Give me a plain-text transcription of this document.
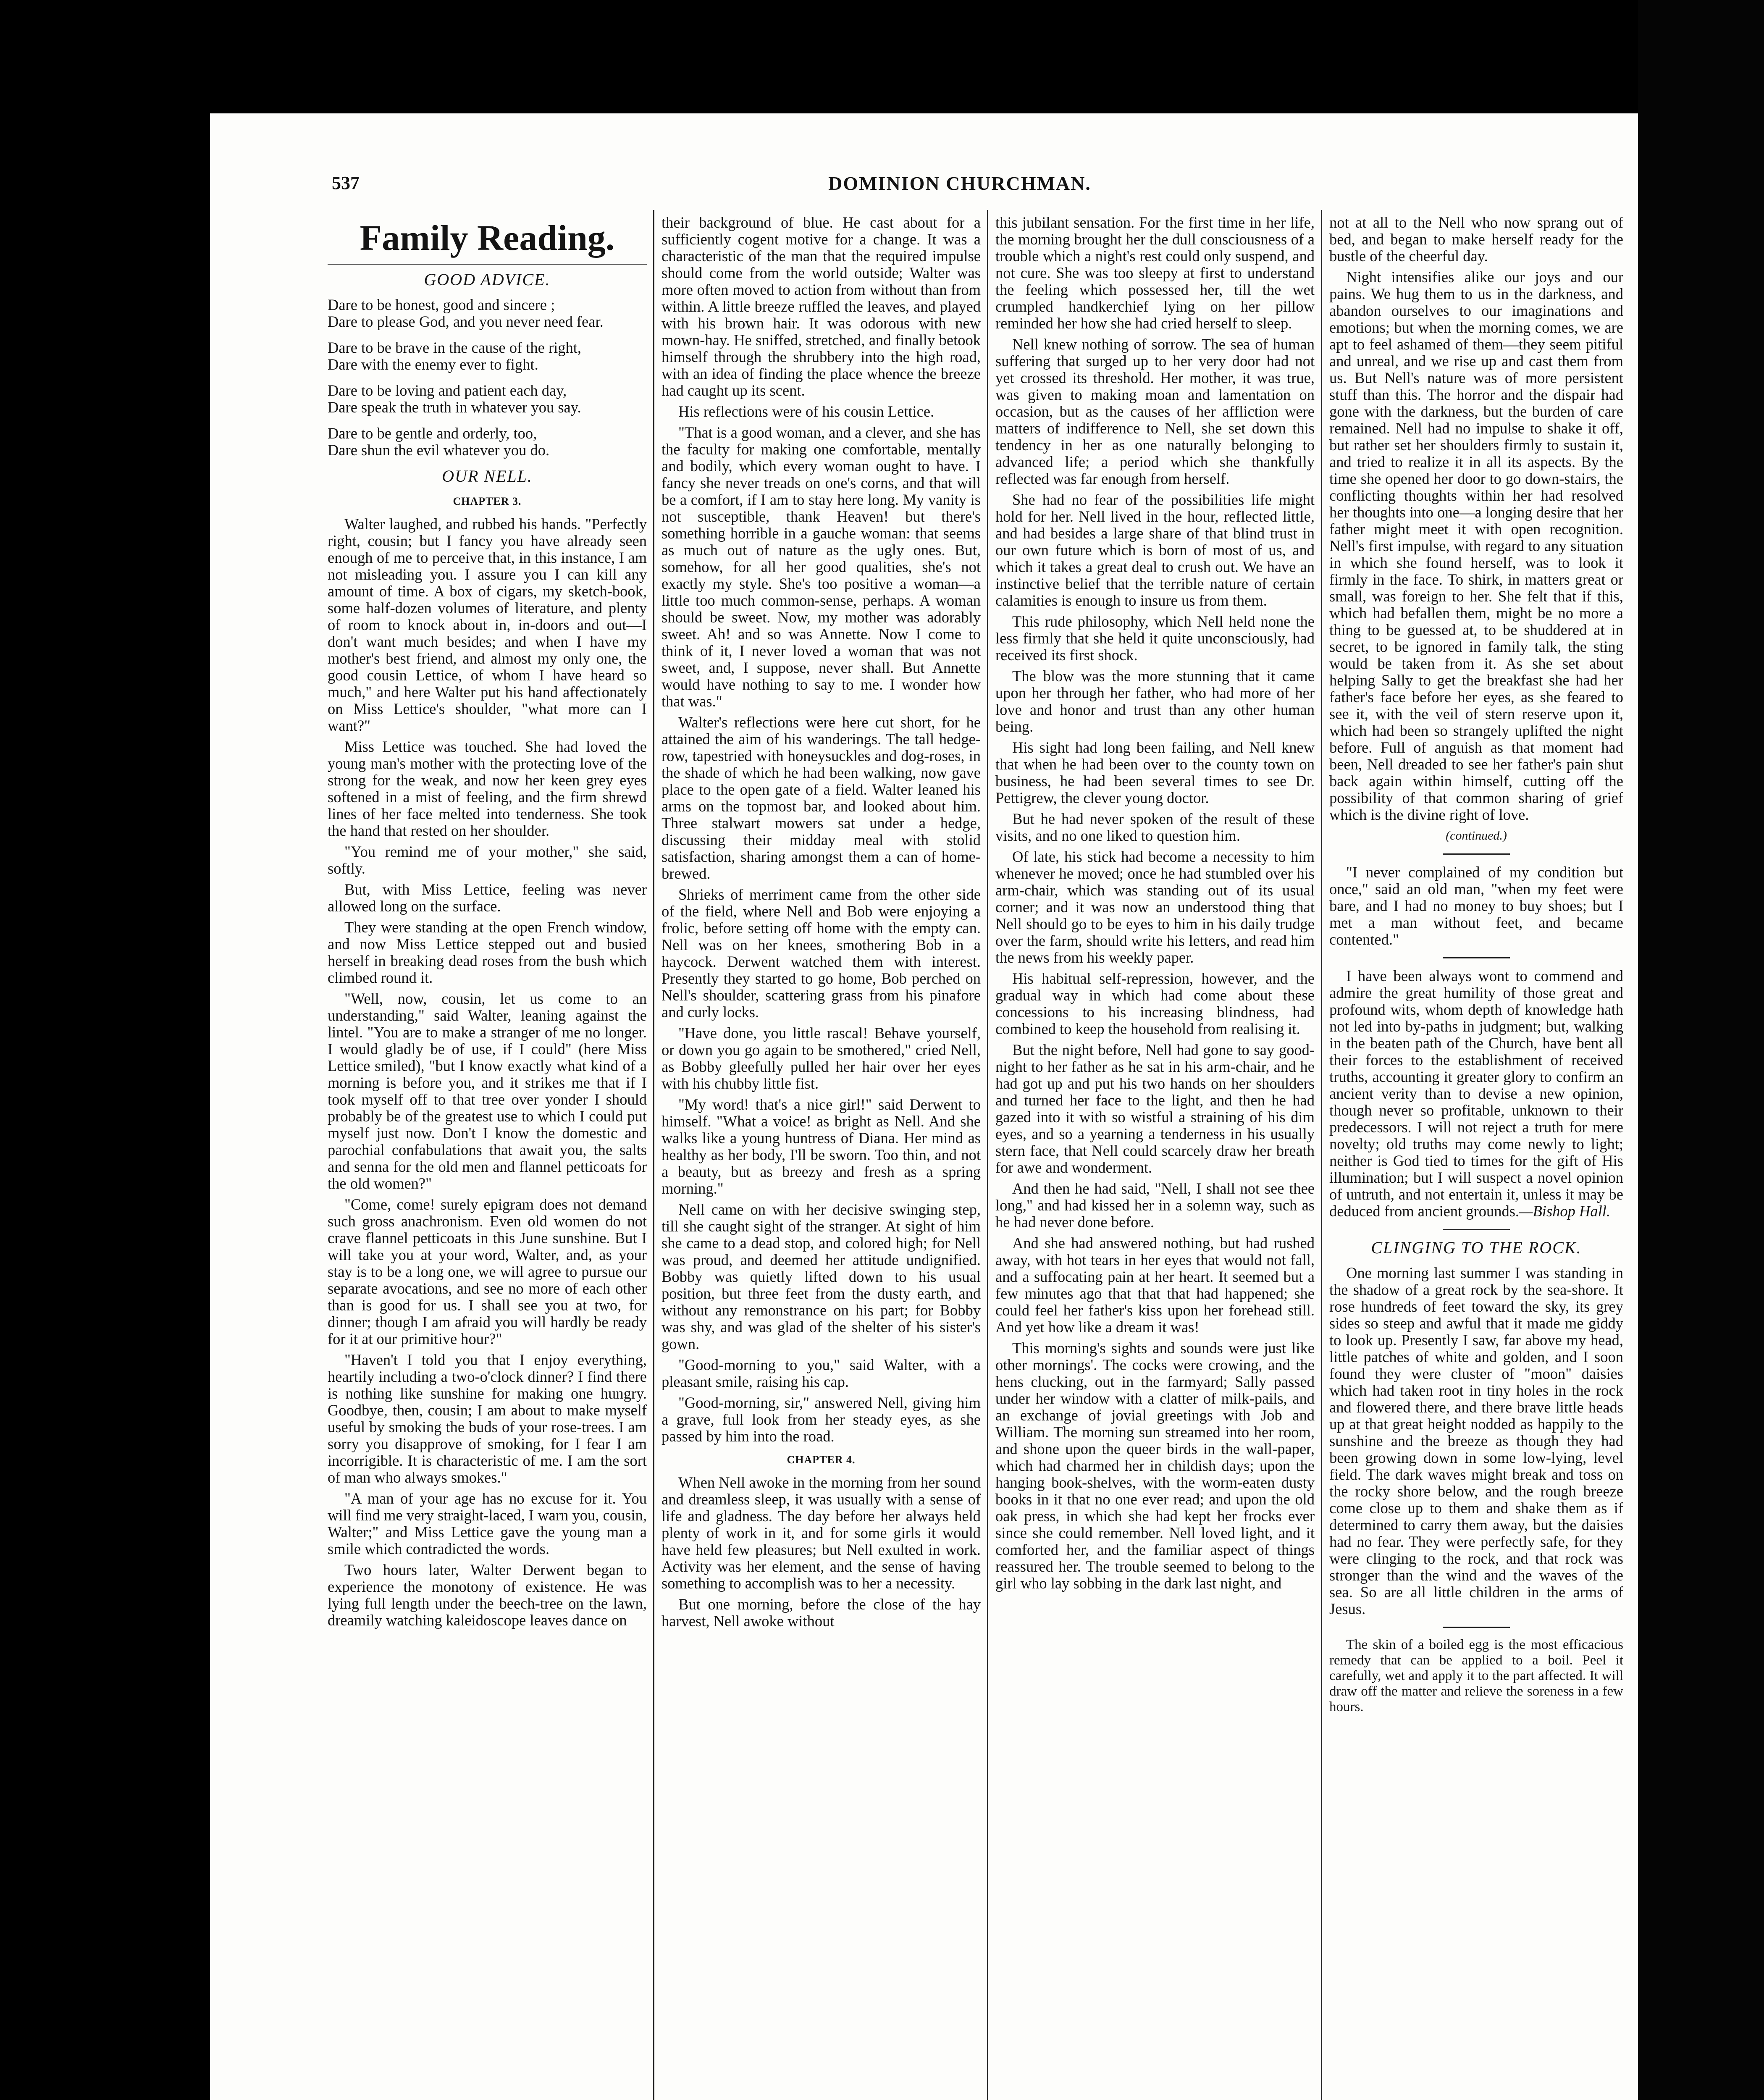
537	DOMINION CHURCHMAN.
Family Reading.
GOOD ADVICE.

Dare to be honest, good and sincere ;
Dare to please God, and you never need fear.

Dare to be brave in the cause of the right,
Dare with the enemy ever to fight.

Dare to be loving and patient each day,
Dare speak the truth in whatever you say.

Dare to be gentle and orderly, too,
Dare shun the evil whatever you do.

OUR NELL.
CHAPTER 3.

Walter laughed, and rubbed his hands. "Perfectly right, cousin; but I fancy you have already seen enough of me to perceive that, in this instance, I am not misleading you. I assure you I can kill any amount of time. A box of cigars, my sketch-book, some half-dozen volumes of literature, and plenty of room to knock about in, in-doors and out—I don't want much besides; and when I have my mother's best friend, and almost my only one, the good cousin Lettice, of whom I have heard so much," and here Walter put his hand affectionately on Miss Lettice's shoulder, "what more can I want?"

Miss Lettice was touched. She had loved the young man's mother with the protecting love of the strong for the weak, and now her keen grey eyes softened in a mist of feeling, and the firm shrewd lines of her face melted into tenderness. She took the hand that rested on her shoulder.

"You remind me of your mother," she said, softly.

But, with Miss Lettice, feeling was never allowed long on the surface.

They were standing at the open French window, and now Miss Lettice stepped out and busied herself in breaking dead roses from the bush which climbed round it.

"Well, now, cousin, let us come to an understanding," said Walter, leaning against the lintel. "You are to make a stranger of me no longer. I would gladly be of use, if I could" (here Miss Lettice smiled), "but I know exactly what kind of a morning is before you, and it strikes me that if I took myself off to that tree over yonder I should probably be of the greatest use to which I could put myself just now. Don't I know the domestic and parochial confabulations that await you, the salts and senna for the old men and flannel petticoats for the old women?"

"Come, come! surely epigram does not demand such gross anachronism. Even old women do not crave flannel petticoats in this June sunshine. But I will take you at your word, Walter, and, as your stay is to be a long one, we will agree to pursue our separate avocations, and see no more of each other than is good for us. I shall see you at two, for dinner; though I am afraid you will hardly be ready for it at our primitive hour?"

"Haven't I told you that I enjoy everything, heartily including a two-o'clock dinner? I find there is nothing like sunshine for making one hungry. Goodbye, then, cousin; I am about to make myself useful by smoking the buds of your rose-trees. I am sorry you disapprove of smoking, for I fear I am incorrigible. It is characteristic of me. I am the sort of man who always smokes."

"A man of your age has no excuse for it. You will find me very straight-laced, I warn you, cousin, Walter;" and Miss Lettice gave the young man a smile which contradicted the words.

Two hours later, Walter Derwent began to experience the monotony of existence. He was lying full length under the beech-tree on the lawn, dreamily watching kaleidoscope leaves dance on

their background of blue. He cast about for a sufficiently cogent motive for a change. It was a characteristic of the man that the required impulse should come from the world outside; Walter was more often moved to action from without than from within. A little breeze ruffled the leaves, and played with his brown hair. It was odorous with new mown-hay. He sniffed, stretched, and finally betook himself through the shrubbery into the high road, with an idea of finding the place whence the breeze had caught up its scent.

His reflections were of his cousin Lettice.

"That is a good woman, and a clever, and she has the faculty for making one comfortable, mentally and bodily, which every woman ought to have. I fancy she never treads on one's corns, and that will be a comfort, if I am to stay here long. My vanity is not susceptible, thank Heaven! but there's something horrible in a gauche woman: that seems as much out of nature as the ugly ones. But, somehow, for all her good qualities, she's not exactly my style. She's too positive a woman—a little too much common-sense, perhaps. A woman should be sweet. Now, my mother was adorably sweet. Ah! and so was Annette. Now I come to think of it, I never loved a woman that was not sweet, and, I suppose, never shall. But Annette would have nothing to say to me. I wonder how that was."

Walter's reflections were here cut short, for he attained the aim of his wanderings. The tall hedge-row, tapestried with honeysuckles and dog-roses, in the shade of which he had been walking, now gave place to the open gate of a field. Walter leaned his arms on the topmost bar, and looked about him. Three stalwart mowers sat under a hedge, discussing their midday meal with stolid satisfaction, sharing amongst them a can of home-brewed.

Shrieks of merriment came from the other side of the field, where Nell and Bob were enjoying a frolic, before setting off home with the empty can. Nell was on her knees, smothering Bob in a haycock. Derwent watched them with interest. Presently they started to go home, Bob perched on Nell's shoulder, scattering grass from his pinafore and curly locks.

"Have done, you little rascal! Behave yourself, or down you go again to be smothered," cried Nell, as Bobby gleefully pulled her hair over her eyes with his chubby little fist.

"My word! that's a nice girl!" said Derwent to himself. "What a voice! as bright as Nell. And she walks like a young huntress of Diana. Her mind as healthy as her body, I'll be sworn. Too thin, and not a beauty, but as breezy and fresh as a spring morning."

Nell came on with her decisive swinging step, till she caught sight of the stranger. At sight of him she came to a dead stop, and colored high; for Nell was proud, and deemed her attitude undignified. Bobby was quietly lifted down to his usual position, but three feet from the dusty earth, and without any remonstrance on his part; for Bobby was shy, and was glad of the shelter of his sister's gown.

"Good-morning to you," said Walter, with a pleasant smile, raising his cap.

"Good-morning, sir," answered Nell, giving him a grave, full look from her steady eyes, as she passed by him into the road.

CHAPTER 4.

When Nell awoke in the morning from her sound and dreamless sleep, it was usually with a sense of life and gladness. The day before her always held plenty of work in it, and for some girls it would have held few pleasures; but Nell exulted in work. Activity was her element, and the sense of having something to accomplish was to her a necessity.

But one morning, before the close of the hay harvest, Nell awoke without

this jubilant sensation. For the first time in her life, the morning brought her the dull consciousness of a trouble which a night's rest could only suspend, and not cure. She was too sleepy at first to understand the feeling which possessed her, till the wet crumpled handkerchief lying on her pillow reminded her how she had cried herself to sleep.

Nell knew nothing of sorrow. The sea of human suffering that surged up to her very door had not yet crossed its threshold. Her mother, it was true, was given to making moan and lamentation on occasion, but as the causes of her affliction were matters of indifference to Nell, she set down this tendency in her as one naturally belonging to advanced life; a period which she thankfully reflected was far enough from herself.

She had no fear of the possibilities life might hold for her. Nell lived in the hour, reflected little, and had besides a large share of that blind trust in our own future which is born of most of us, and which it takes a great deal to crush out. We have an instinctive belief that the terrible nature of certain calamities is enough to insure us from them.

This rude philosophy, which Nell held none the less firmly that she held it quite unconsciously, had received its first shock.

The blow was the more stunning that it came upon her through her father, who had more of her love and honor and trust than any other human being.

His sight had long been failing, and Nell knew that when he had been over to the county town on business, he had been several times to see Dr. Pettigrew, the clever young doctor.

But he had never spoken of the result of these visits, and no one liked to question him.

Of late, his stick had become a necessity to him whenever he moved; once he had stumbled over his arm-chair, which was standing out of its usual corner; and it was now an understood thing that Nell should go to be eyes to him in his daily trudge over the farm, should write his letters, and read him the news from his weekly paper.

His habitual self-repression, however, and the gradual way in which had come about these concessions to his increasing blindness, had combined to keep the household from realising it.

But the night before, Nell had gone to say good-night to her father as he sat in his arm-chair, and he had got up and put his two hands on her shoulders and turned her face to the light, and then he had gazed into it with so wistful a straining of his dim eyes, and so a yearning a tenderness in his usually stern face, that Nell could scarcely draw her breath for awe and wonderment.

And then he had said, "Nell, I shall not see thee long," and had kissed her in a solemn way, such as he had never done before.

And she had answered nothing, but had rushed away, with hot tears in her eyes that would not fall, and a suffocating pain at her heart. It seemed but a few minutes ago that that that had happened; she could feel her father's kiss upon her forehead still. And yet how like a dream it was!

This morning's sights and sounds were just like other mornings'. The cocks were crowing, and the hens clucking, out in the farmyard; Sally passed under her window with a clatter of milk-pails, and an exchange of jovial greetings with Job and William. The morning sun streamed into her room, and shone upon the queer birds in the wall-paper, which had charmed her in childish days; upon the hanging book-shelves, with the worm-eaten dusty books in it that no one ever read; and upon the old oak press, in which she had kept her frocks ever since she could remember. Nell loved light, and it comforted her, and the familiar aspect of things reassured her. The trouble seemed to belong to the girl who lay sobbing in the dark last night, and

not at all to the Nell who now sprang out of bed, and began to make herself ready for the bustle of the cheerful day.

Night intensifies alike our joys and our pains. We hug them to us in the darkness, and abandon ourselves to our imaginations and emotions; but when the morning comes, we are apt to feel ashamed of them—they seem pitiful and unreal, and we rise up and cast them from us. But Nell's nature was of more persistent stuff than this. The horror and the dispair had gone with the darkness, but the burden of care remained. Nell had no impulse to shake it off, but rather set her shoulders firmly to sustain it, and tried to realize it in all its aspects. By the time she opened her door to go down-stairs, the conflicting thoughts within her had resolved her thoughts into one—a longing desire that her father might meet it with open recognition. Nell's first impulse, with regard to any situation in which she found herself, was to look it firmly in the face. To shirk, in matters great or small, was foreign to her. She felt that if this, which had befallen them, might be no more a thing to be guessed at, to be shuddered at in secret, to be ignored in family talk, the sting would be taken from it. As she set about helping Sally to get the breakfast she had her father's face before her eyes, as she feared to see it, with the veil of stern reserve upon it, which had been so strangely uplifted the night before. Full of anguish as that moment had been, Nell dreaded to see her father's pain shut back again within himself, cutting off the possibility of that common sharing of grief which is the divine right of love.

(continued.)

"I never complained of my condition but once," said an old man, "when my feet were bare, and I had no money to buy shoes; but I met a man without feet, and became contented."

I have been always wont to commend and admire the great humility of those great and profound wits, whom depth of knowledge hath not led into by-paths in judgment; but, walking in the beaten path of the Church, have bent all their forces to the establishment of received truths, accounting it greater glory to confirm an ancient verity than to devise a new opinion, though never so profitable, unknown to their predecessors. I will not reject a truth for mere novelty; old truths may come newly to light; neither is God tied to times for the gift of His illumination; but I will suspect a novel opinion of untruth, and not entertain it, unless it may be deduced from ancient grounds.—Bishop Hall.

CLINGING TO THE ROCK.

One morning last summer I was standing in the shadow of a great rock by the sea-shore. It rose hundreds of feet toward the sky, its grey sides so steep and awful that it made me giddy to look up. Presently I saw, far above my head, little patches of white and golden, and I soon found they were cluster of "moon" daisies which had taken root in tiny holes in the rock and flowered there, and there brave little heads up at that great height nodded as happily to the sunshine and the breeze as though they had been growing down in some low-lying, level field. The dark waves might break and toss on the rocky shore below, and the rough breeze come close up to them and shake them as if determined to carry them away, but the daisies had no fear. They were perfectly safe, for they were clinging to the rock, and that rock was stronger than the wind and the waves of the sea. So are all little children in the arms of Jesus.

The skin of a boiled egg is the most efficacious remedy that can be applied to a boil. Peel it carefully, wet and apply it to the part affected. It will draw off the matter and relieve the soreness in a few hours.
